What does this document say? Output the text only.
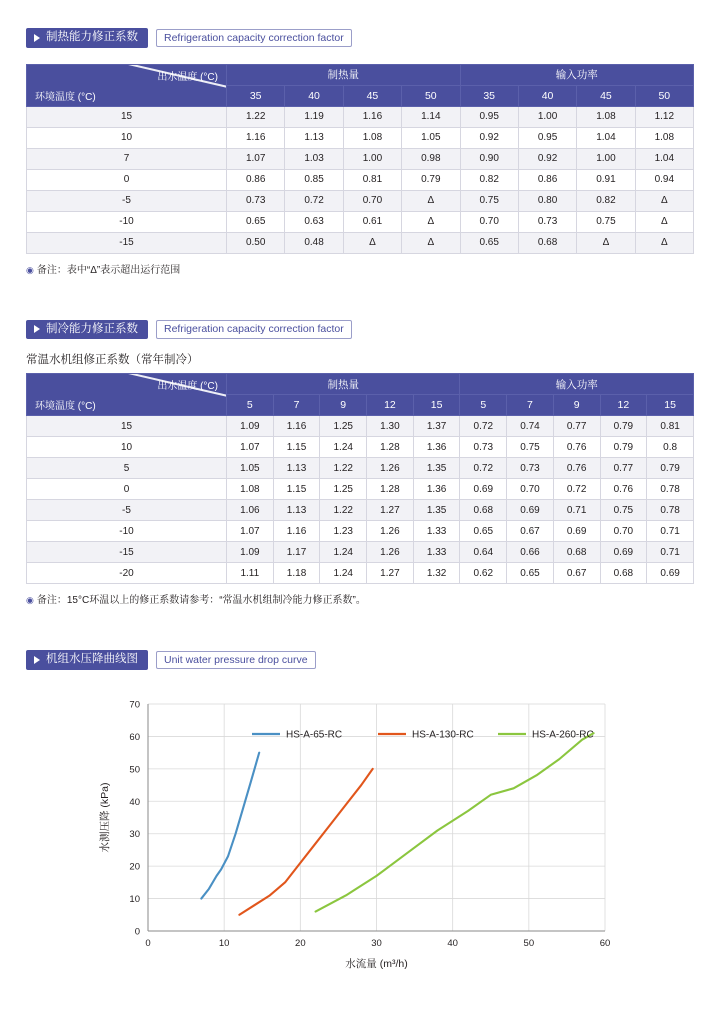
制热能力修正系数	Refrigeration capacity correction factor
出水温度 (°C)
环境温度 (°C)	制热量				输入功率			
	35	40	45	50	35	40	45	50
15	1.22	1.19	1.16	1.14	0.95	1.00	1.08	1.12
10	1.16	1.13	1.08	1.05	0.92	0.95	1.04	1.08
7	1.07	1.03	1.00	0.98	0.90	0.92	1.00	1.04
0	0.86	0.85	0.81	0.79	0.82	0.86	0.91	0.94
-5	0.73	0.72	0.70	Δ	0.75	0.80	0.82	Δ
-10	0.65	0.63	0.61	Δ	0.70	0.73	0.75	Δ
-15	0.50	0.48	Δ	Δ	0.65	0.68	Δ	Δ
◉ 备注：表中“Δ”表示超出运行范围
制冷能力修正系数	Refrigeration capacity correction factor
常温水机组修正系数（常年制冷）
出水温度 (°C)
环境温度 (°C)	制热量					输入功率				
	5	7	9	12	15	5	7	9	12	15
15	1.09	1.16	1.25	1.30	1.37	0.72	0.74	0.77	0.79	0.81
10	1.07	1.15	1.24	1.28	1.36	0.73	0.75	0.76	0.79	0.8
5	1.05	1.13	1.22	1.26	1.35	0.72	0.73	0.76	0.77	0.79
0	1.08	1.15	1.25	1.28	1.36	0.69	0.70	0.72	0.76	0.78
-5	1.06	1.13	1.22	1.27	1.35	0.68	0.69	0.71	0.75	0.78
-10	1.07	1.16	1.23	1.26	1.33	0.65	0.67	0.69	0.70	0.71
-15	1.09	1.17	1.24	1.26	1.33	0.64	0.66	0.68	0.69	0.71
-20	1.11	1.18	1.24	1.27	1.32	0.62	0.65	0.67	0.68	0.69
◉ 备注：15°C环温以上的修正系数请参考：“常温水机组制冷能力修正系数”。
机组水压降曲线图	Unit water pressure drop curve
0
10
20
30
40
50
60
70
0	10	20	30	40	50	60
HS-A-65-RC	HS-A-130-RC	HS-A-260-RC
水流量 (m³/h)
水测压降 (kPa)
